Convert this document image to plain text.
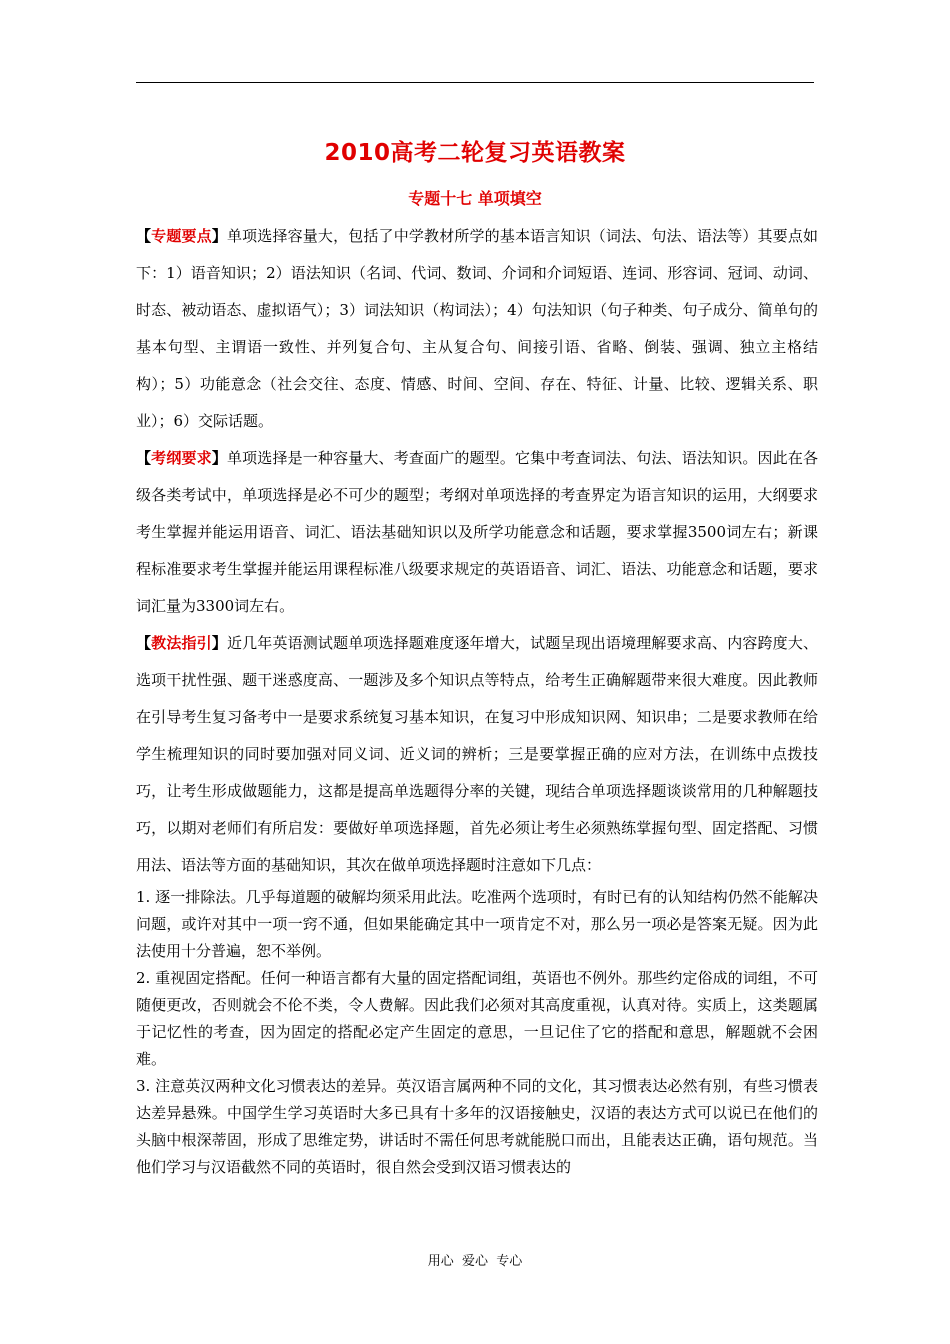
2010高考二轮复习英语教案
专题十七 单项填空

【专题要点】单项选择容量大，包括了中学教材所学的基本语言知识（词法、句法、语法等）其要点如下：1）语音知识；2）语法知识（名词、代词、数词、介词和介词短语、连词、形容词、冠词、动词、时态、被动语态、虚拟语气）；3）词法知识（构词法）；4）句法知识（句子种类、句子成分、简单句的基本句型、主谓语一致性、并列复合句、主从复合句、间接引语、省略、倒装、强调、独立主格结构）；5）功能意念（社会交往、态度、情感、时间、空间、存在、特征、计量、比较、逻辑关系、职业）；6）交际话题。

【考纲要求】单项选择是一种容量大、考查面广的题型。它集中考查词法、句法、语法知识。因此在各级各类考试中，单项选择是必不可少的题型；考纲对单项选择的考查界定为语言知识的运用，大纲要求考生掌握并能运用语音、词汇、语法基础知识以及所学功能意念和话题，要求掌握3500词左右；新课程标准要求考生掌握并能运用课程标准八级要求规定的英语语音、词汇、语法、功能意念和话题，要求词汇量为3300词左右。

【教法指引】近几年英语测试题单项选择题难度逐年增大，试题呈现出语境理解要求高、内容跨度大、选项干扰性强、题干迷惑度高、一题涉及多个知识点等特点，给考生正确解题带来很大难度。因此教师在引导考生复习备考中一是要求系统复习基本知识，在复习中形成知识网、知识串；二是要求教师在给学生梳理知识的同时要加强对同义词、近义词的辨析；三是要掌握正确的应对方法，在训练中点拨技巧，让考生形成做题能力，这都是提高单选题得分率的关键，现结合单项选择题谈谈常用的几种解题技巧，以期对老师们有所启发：要做好单项选择题，首先必须让考生必须熟练掌握句型、固定搭配、习惯用法、语法等方面的基础知识，其次在做单项选择题时注意如下几点：

1. 逐一排除法。几乎每道题的破解均须采用此法。吃准两个选项时，有时已有的认知结构仍然不能解决问题，或许对其中一项一窍不通，但如果能确定其中一项肯定不对，那么另一项必是答案无疑。因为此法使用十分普遍，恕不举例。

2. 重视固定搭配。任何一种语言都有大量的固定搭配词组，英语也不例外。那些约定俗成的词组，不可随便更改，否则就会不伦不类，令人费解。因此我们必须对其高度重视，认真对待。实质上，这类题属于记忆性的考查，因为固定的搭配必定产生固定的意思，一旦记住了它的搭配和意思，解题就不会困难。

3. 注意英汉两种文化习惯表达的差异。英汉语言属两种不同的文化，其习惯表达必然有别，有些习惯表达差异悬殊。中国学生学习英语时大多已具有十多年的汉语接触史，汉语的表达方式可以说已在他们的头脑中根深蒂固，形成了思维定势，讲话时不需任何思考就能脱口而出，且能表达正确，语句规范。当他们学习与汉语截然不同的英语时，很自然会受到汉语习惯表达的

用心  爱心  专心
